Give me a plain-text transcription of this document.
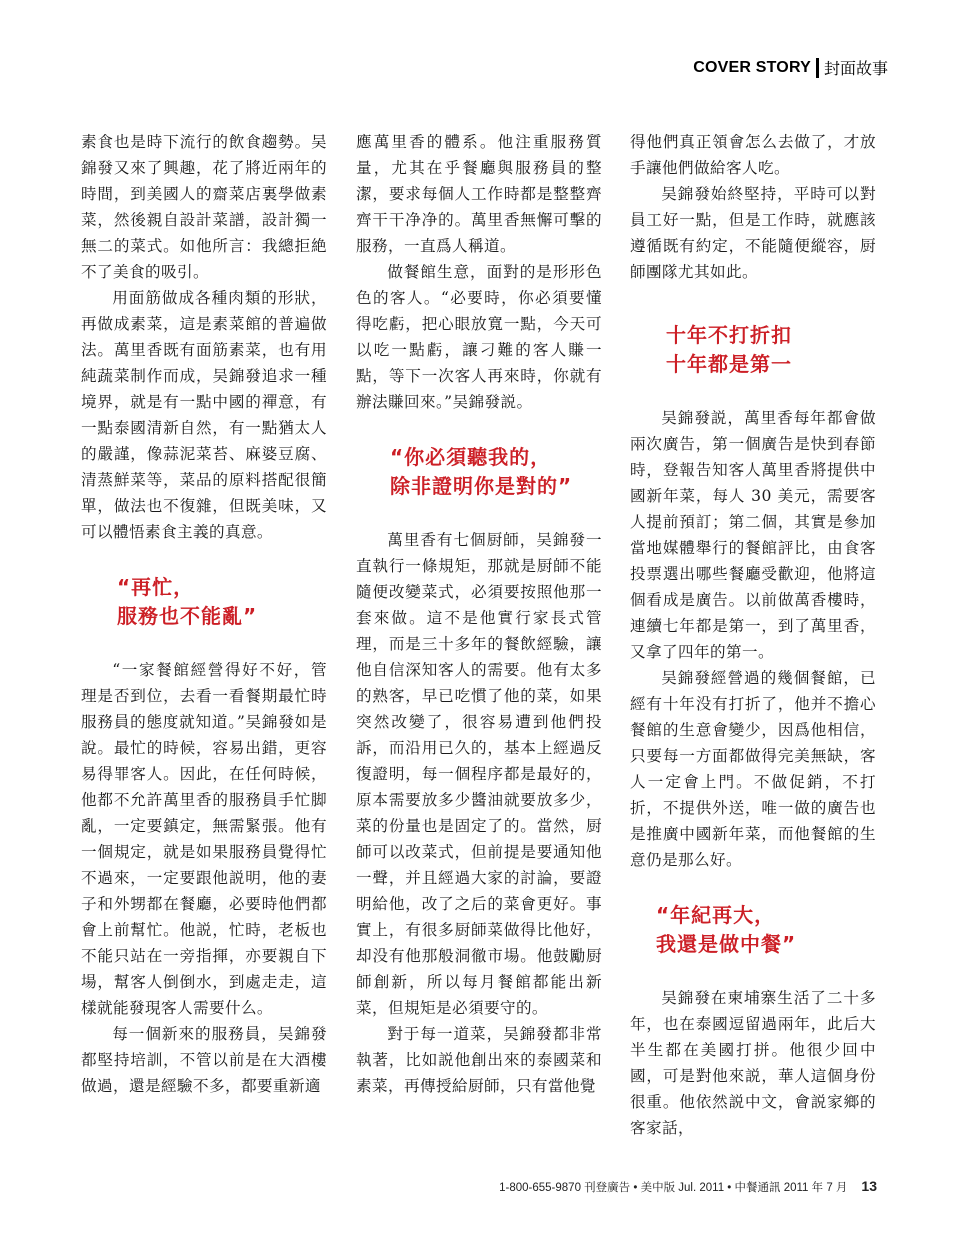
COVER STORY 封面故事

素食也是時下流行的飲食趨勢。吴錦發又來了興趣，花了將近兩年的時間，到美國人的齋菜店裏學做素菜，然後親自設計菜譜，設計獨一無二的菜式。如他所言：我總拒絶不了美食的吸引。

用面筋做成各種肉類的形狀，再做成素菜，這是素菜館的普遍做法。萬里香既有面筋素菜，也有用純蔬菜制作而成，吴錦發追求一種境界，就是有一點中國的禪意，有一點泰國清新自然，有一點猶太人的嚴謹，像蒜泥菜苔、麻婆豆腐、清蒸鮮菜等，菜品的原料搭配很簡單，做法也不復雜，但既美味，又可以體悟素食主義的真意。

“再忙，
服務也不能亂”

“一家餐館經營得好不好，管理是否到位，去看一看餐期最忙時服務員的態度就知道。”吴錦發如是說。最忙的時候，容易出錯，更容易得罪客人。因此，在任何時候，他都不允許萬里香的服務員手忙脚亂，一定要鎮定，無需緊張。他有一個規定，就是如果服務員覺得忙不過來，一定要跟他説明，他的妻子和外甥都在餐廳，必要時他們都會上前幫忙。他説，忙時，老板也不能只站在一旁指揮，亦要親自下場，幫客人倒倒水，到處走走，這樣就能發現客人需要什么。

每一個新來的服務員，吴錦發都堅持培訓，不管以前是在大酒樓做過，還是經驗不多，都要重新適

應萬里香的體系。他注重服務質量，尤其在乎餐廳與服務員的整潔，要求每個人工作時都是整整齊齊干干净净的。萬里香無懈可擊的服務，一直爲人稱道。

做餐館生意，面對的是形形色色的客人。“必要時，你必須要懂得吃虧，把心眼放寬一點，今天可以吃一點虧，讓刁難的客人賺一點，等下一次客人再來時，你就有辦法賺回來。”吴錦發説。

“你必須聽我的，
除非證明你是對的”

萬里香有七個厨師，吴錦發一直執行一條規矩，那就是厨師不能隨便改變菜式，必須要按照他那一套來做。這不是他實行家長式管理，而是三十多年的餐飲經驗，讓他自信深知客人的需要。他有太多的熟客，早已吃慣了他的菜，如果突然改變了，很容易遭到他們投訴，而沿用已久的，基本上經過反復證明，每一個程序都是最好的，原本需要放多少醬油就要放多少，菜的份量也是固定了的。當然，厨師可以改菜式，但前提是要通知他一聲，并且經過大家的討論，要證明給他，改了之后的菜會更好。事實上，有很多厨師菜做得比他好，却没有他那般洞徹市場。他鼓勵厨師創新，所以每月餐館都能出新菜，但規矩是必須要守的。

對于每一道菜，吴錦發都非常執著，比如説他創出來的泰國菜和素菜，再傳授給厨師，只有當他覺

得他們真正領會怎么去做了，才放手讓他們做給客人吃。

吴錦發始終堅持，平時可以對員工好一點，但是工作時，就應該遵循既有約定，不能隨便縱容，厨師團隊尤其如此。

十年不打折扣
十年都是第一

吴錦發説，萬里香每年都會做兩次廣告，第一個廣告是快到春節時，登報告知客人萬里香將提供中國新年菜，每人 30 美元，需要客人提前預訂；第二個，其實是參加當地媒體舉行的餐館評比，由食客投票選出哪些餐廳受歡迎，他將這個看成是廣告。以前做萬香樓時，連續七年都是第一，到了萬里香，又拿了四年的第一。

吴錦發經營過的幾個餐館，已經有十年没有打折了，他并不擔心餐館的生意會變少，因爲他相信，只要每一方面都做得完美無缺，客人一定會上門。不做促銷，不打折，不提供外送，唯一做的廣告也是推廣中國新年菜，而他餐館的生意仍是那么好。

“年紀再大，
我還是做中餐”

吴錦發在柬埔寨生活了二十多年，也在泰國逗留過兩年，此后大半生都在美國打拼。他很少回中國，可是對他來説，華人這個身份很重。他依然説中文，會説家鄉的客家話，

1-800-655-9870 刊登廣告 • 美中版 Jul. 2011 • 中餐通訊 2011 年 7 月 13
